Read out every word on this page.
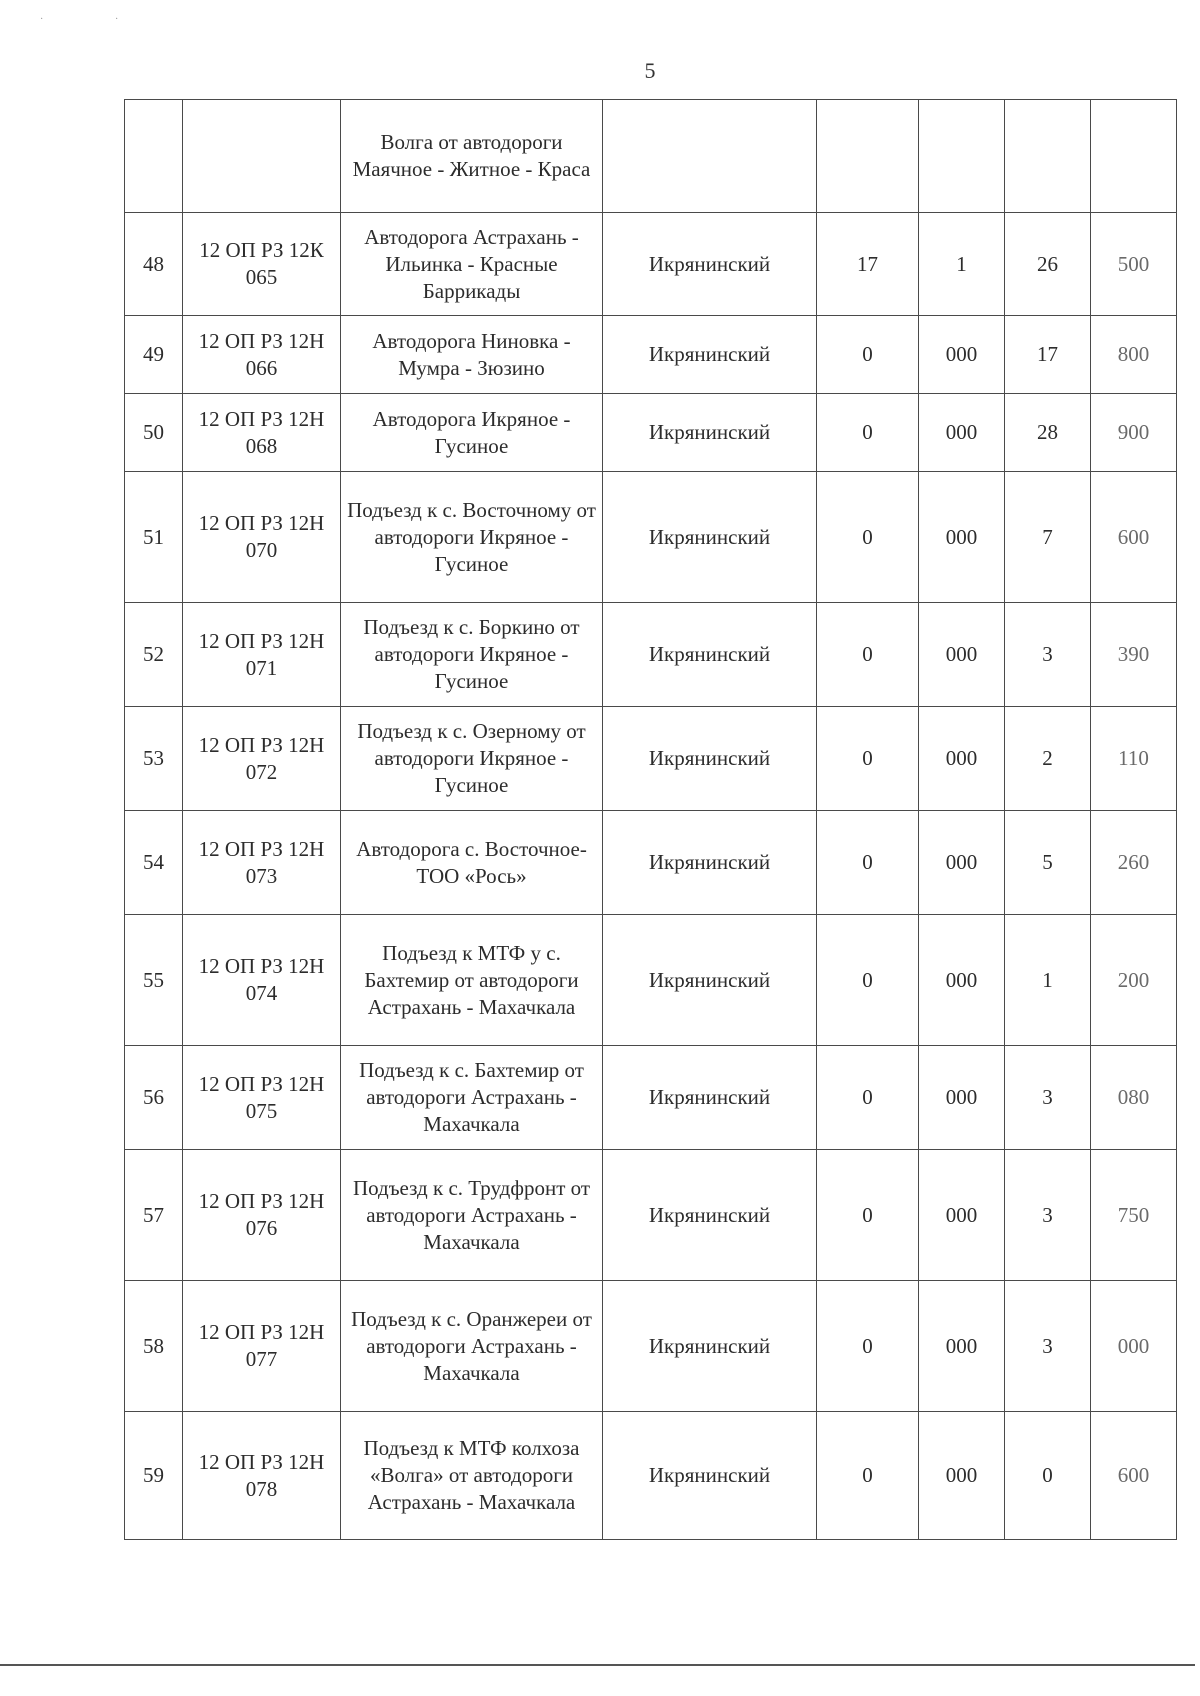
·	·
5
		Волга от автодороги Маячное - Житное - Краса					
48	12 ОП РЗ 12К 065	Автодорога Астрахань - Ильинка - Красные Баррикады	Икрянинский	17	1	26	500
49	12 ОП РЗ 12Н 066	Автодорога Ниновка - Мумра - Зюзино	Икрянинский	0	000	17	800
50	12 ОП РЗ 12Н 068	Автодорога Икряное - Гусиное	Икрянинский	0	000	28	900
51	12 ОП РЗ 12Н 070	Подъезд к с. Восточному от автодороги Икряное - Гусиное	Икрянинский	0	000	7	600
52	12 ОП РЗ 12Н 071	Подъезд к с. Боркино от автодороги Икряное - Гусиное	Икрянинский	0	000	3	390
53	12 ОП РЗ 12Н 072	Подъезд к с. Озерному от автодороги Икряное - Гусиное	Икрянинский	0	000	2	110
54	12 ОП РЗ 12Н 073	Автодорога с. Восточное-ТОО «Рось»	Икрянинский	0	000	5	260
55	12 ОП РЗ 12Н 074	Подъезд к МТФ у с. Бахтемир от автодороги Астрахань - Махачкала	Икрянинский	0	000	1	200
56	12 ОП РЗ 12Н 075	Подъезд к с. Бахтемир от автодороги Астрахань - Махачкала	Икрянинский	0	000	3	080
57	12 ОП РЗ 12Н 076	Подъезд к с. Трудфронт от автодороги Астрахань - Махачкала	Икрянинский	0	000	3	750
58	12 ОП РЗ 12Н 077	Подъезд к с. Оранжереи от автодороги Астрахань - Махачкала	Икрянинский	0	000	3	000
59	12 ОП РЗ 12Н 078	Подъезд к МТФ колхоза «Волга» от автодороги Астрахань - Махачкала	Икрянинский	0	000	0	600
